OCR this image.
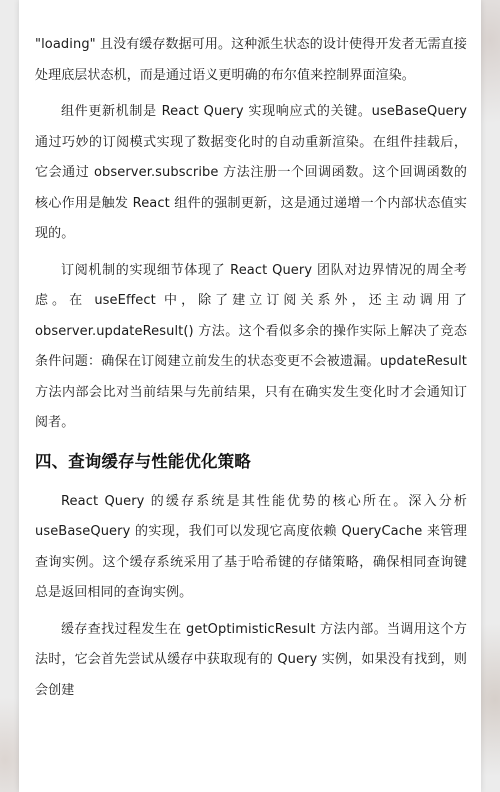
"loading" 且没有缓存数据可用。这种派生状态的设计使得开发者无需直接处理底层状态机，而是通过语义更明确的布尔值来控制界面渲染。

组件更新机制是 React Query 实现响应式的关键。useBaseQuery 通过巧妙的订阅模式实现了数据变化时的自动重新渲染。在组件挂载后，它会通过 observer.subscribe 方法注册一个回调函数。这个回调函数的核心作用是触发 React 组件的强制更新，这是通过递增一个内部状态值实现的。

订阅机制的实现细节体现了 React Query 团队对边界情况的周全考虑。在 useEffect 中，除了建立订阅关系外，还主动调用了 observer.updateResult() 方法。这个看似多余的操作实际上解决了竞态条件问题：确保在订阅建立前发生的状态变更不会被遗漏。updateResult 方法内部会比对当前结果与先前结果，只有在确实发生变化时才会通知订阅者。

四、查询缓存与性能优化策略

React Query 的缓存系统是其性能优势的核心所在。深入分析 useBaseQuery 的实现，我们可以发现它高度依赖 QueryCache 来管理查询实例。这个缓存系统采用了基于哈希键的存储策略，确保相同查询键总是返回相同的查询实例。

缓存查找过程发生在 getOptimisticResult 方法内部。当调用这个方法时，它会首先尝试从缓存中获取现有的 Query 实例，如果没有找到，则会创建
